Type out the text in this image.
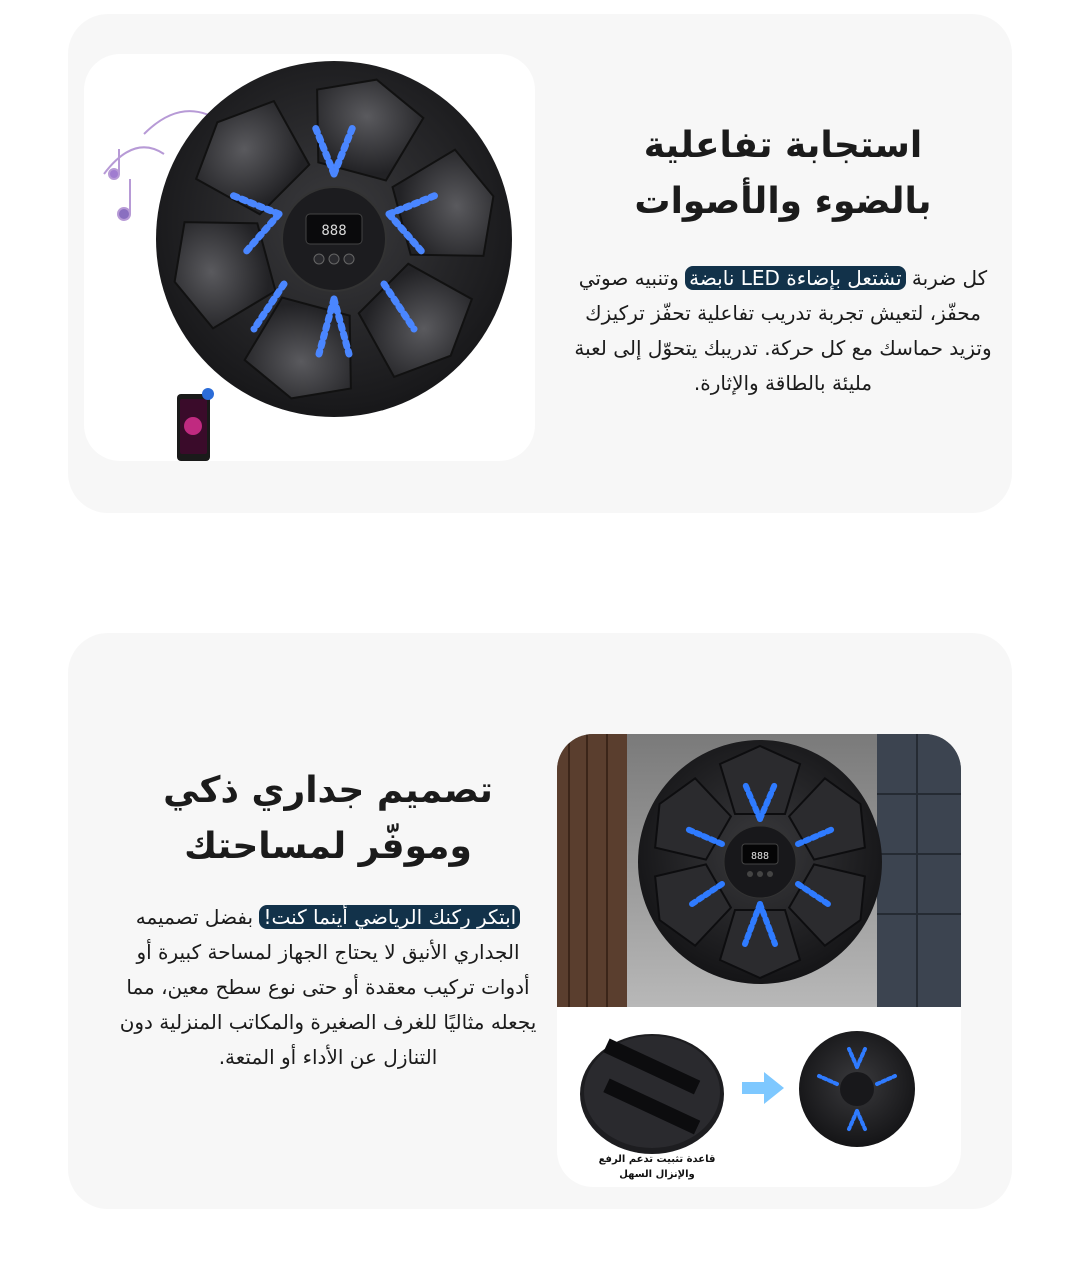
888

استجابة تفاعلية

بالضوء والأصوات

كل ضربة تشتعل بإضاءة LED نابضة وتنبيه صوتي محفّز، لتعيش تجربة تدريب تفاعلية تحفّز تركيزك وتزيد حماسك مع كل حركة. تدريبك يتحوّل إلى لعبة مليئة بالطاقة والإثارة.

تصميم جداري ذكي

وموفّر لمساحتك

ابتكر ركنك الرياضي أينما كنت! بفضل تصميمه الجداري الأنيق لا يحتاج الجهاز لمساحة كبيرة أو أدوات تركيب معقدة أو حتى نوع سطح معين، مما يجعله مثاليًا للغرف الصغيرة والمكاتب المنزلية دون التنازل عن الأداء أو المتعة.

888
قاعدة تثبيت تدعم الرفع
والإنزال السهل
